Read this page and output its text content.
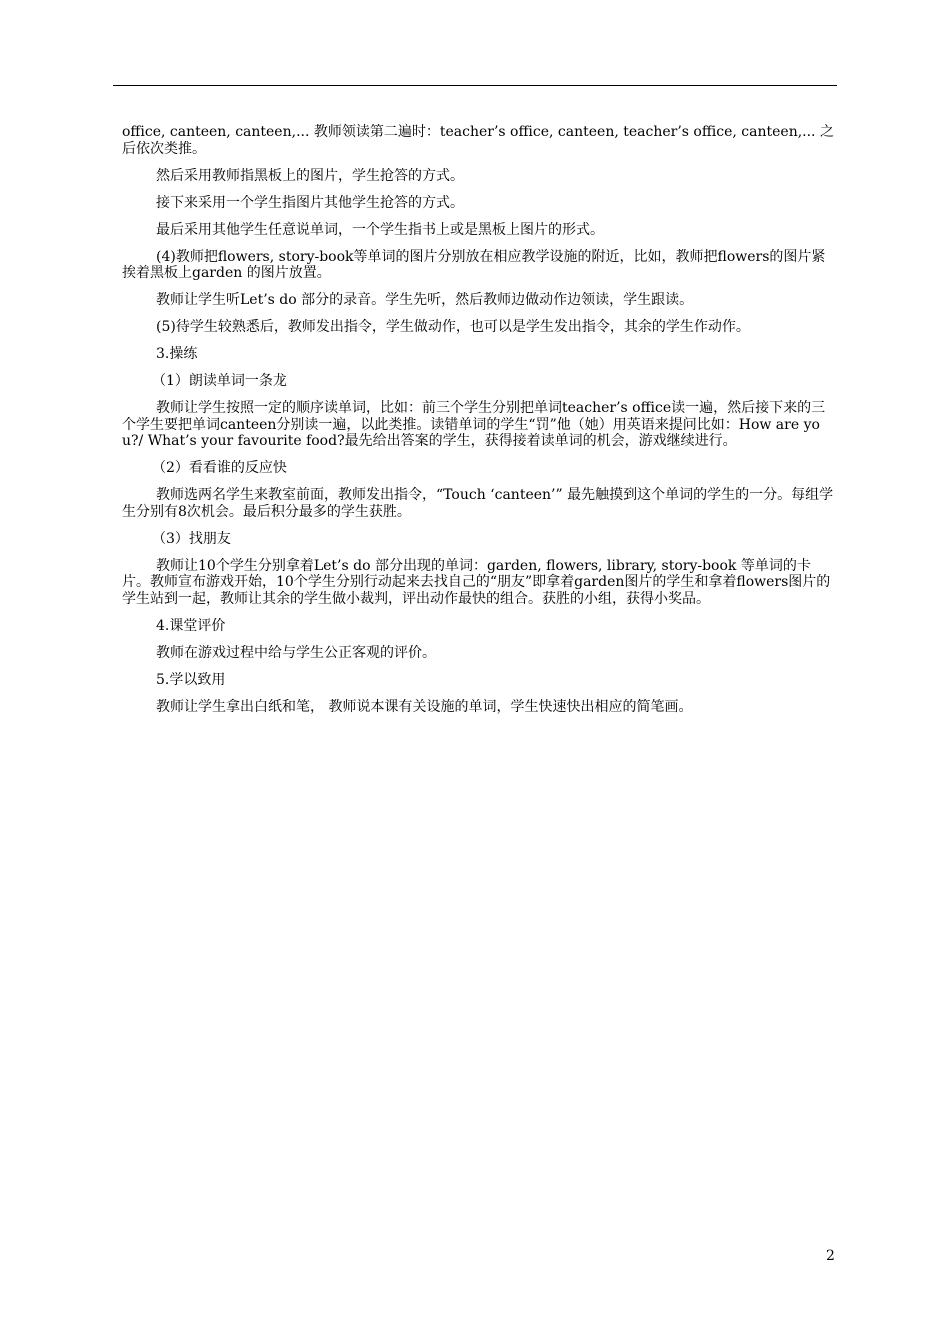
office, canteen, canteen,... 教师领读第二遍时：teacher’s office, canteen, teacher’s office, canteen,... 之后依次类推。

然后采用教师指黑板上的图片，学生抢答的方式。

接下来采用一个学生指图片其他学生抢答的方式。

最后采用其他学生任意说单词，一个学生指书上或是黑板上图片的形式。

(4)教师把flowers, story-book等单词的图片分别放在相应教学设施的附近，比如，教师把flowers的图片紧挨着黑板上garden 的图片放置。

教师让学生听Let’s do 部分的录音。学生先听，然后教师边做动作边领读，学生跟读。

(5)待学生较熟悉后，教师发出指令，学生做动作，也可以是学生发出指令，其余的学生作动作。

3.操练

（1）朗读单词一条龙

教师让学生按照一定的顺序读单词，比如：前三个学生分别把单词teacher’s office读一遍，然后接下来的三个学生要把单词canteen分别读一遍，以此类推。读错单词的学生“罚”他（她）用英语来提问比如：How are you?/ What’s your favourite food?最先给出答案的学生，获得接着读单词的机会，游戏继续进行。

（2）看看谁的反应快

教师选两名学生来教室前面，教师发出指令，“Touch ‘canteen’” 最先触摸到这个单词的学生的一分。每组学生分别有8次机会。最后积分最多的学生获胜。

（3）找朋友

教师让10个学生分别拿着Let’s do 部分出现的单词：garden, flowers, library, story-book 等单词的卡片。教师宣布游戏开始，10个学生分别行动起来去找自己的“朋友”即拿着garden图片的学生和拿着flowers图片的学生站到一起，教师让其余的学生做小裁判，评出动作最快的组合。获胜的小组，获得小奖品。

4.课堂评价

教师在游戏过程中给与学生公正客观的评价。

5.学以致用

教师让学生拿出白纸和笔， 教师说本课有关设施的单词，学生快速快出相应的简笔画。

2
